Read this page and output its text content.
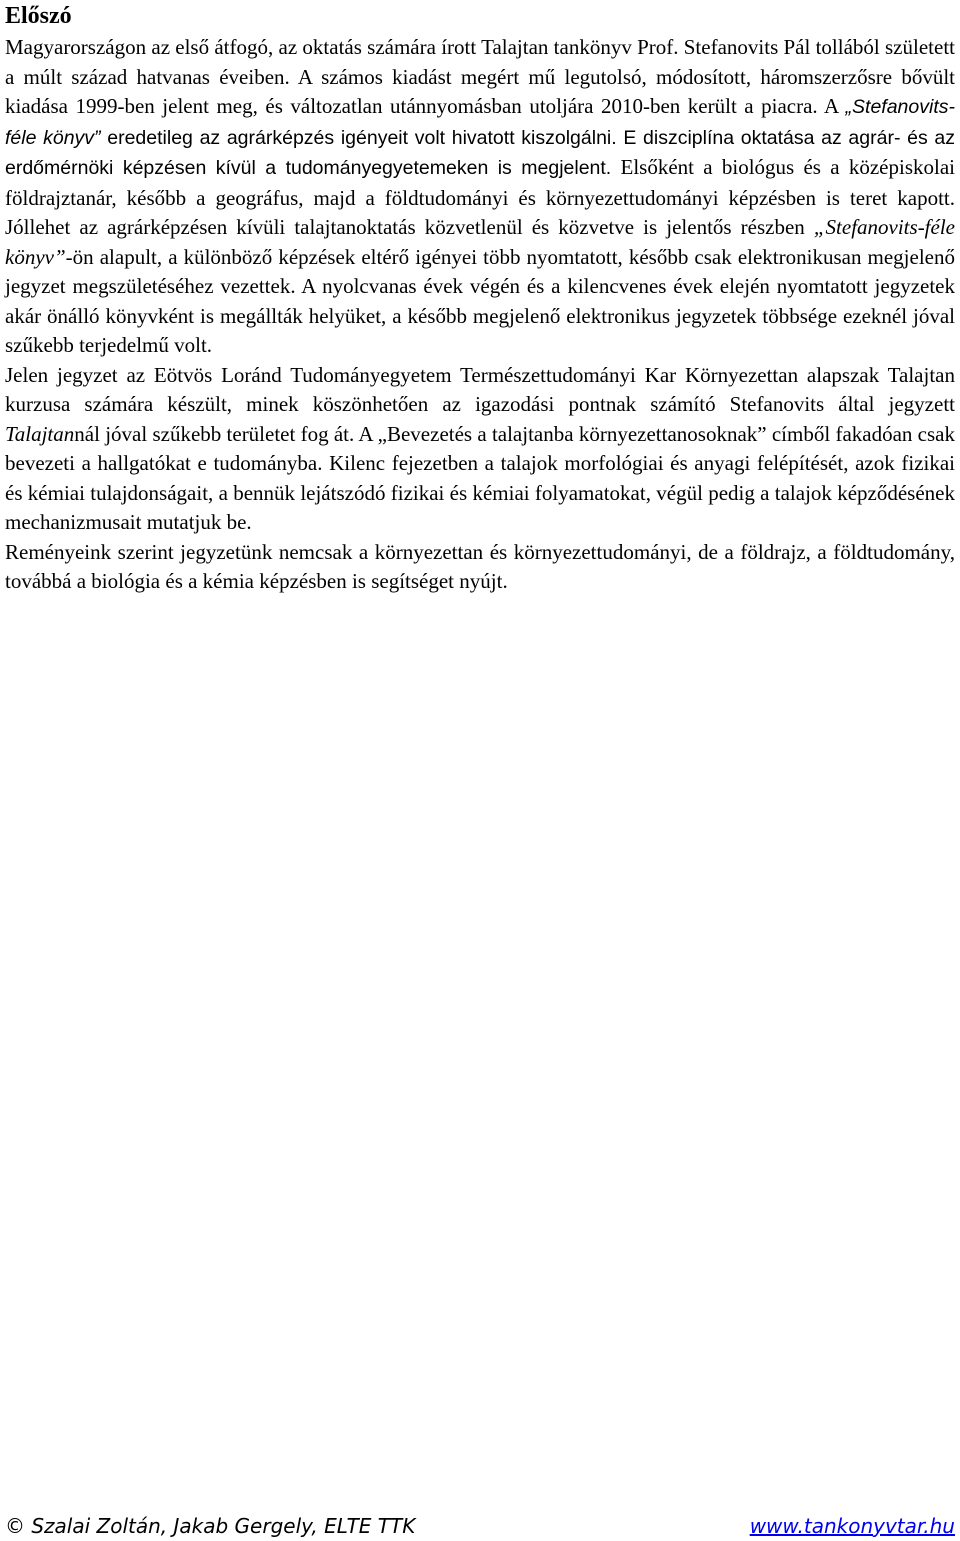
Előszó

Magyarországon az első átfogó, az oktatás számára írott Talajtan tankönyv Prof. Stefanovits Pál tollából született a múlt század hatvanas éveiben. A számos kiadást megért mű legutolsó, módosított, háromszerzősre bővült kiadása 1999-ben jelent meg, és változatlan utánnyomásban utoljára 2010-ben került a piacra. A „Stefanovits-féle könyv” eredetileg az agrárképzés igényeit volt hivatott kiszolgálni. E diszciplína oktatása az agrár- és az erdőmérnöki képzésen kívül a tudományegyetemeken is megjelent. Elsőként a biológus és a középiskolai földrajztanár, később a geográfus, majd a földtudományi és környezettudományi képzésben is teret kapott. Jóllehet az agrárképzésen kívüli talajtanoktatás közvetlenül és közvetve is jelentős részben „Stefanovits-féle könyv”-ön alapult, a különböző képzések eltérő igényei több nyomtatott, később csak elektronikusan megjelenő jegyzet megszületéséhez vezettek. A nyolcvanas évek végén és a kilencvenes évek elején nyomtatott jegyzetek akár önálló könyvként is megállták helyüket, a később megjelenő elektronikus jegyzetek többsége ezeknél jóval szűkebb terjedelmű volt.

Jelen jegyzet az Eötvös Loránd Tudományegyetem Természettudományi Kar Környezettan alapszak Talajtan kurzusa számára készült, minek köszönhetően az igazodási pontnak számító Stefanovits által jegyzett Talajtannál jóval szűkebb területet fog át. A „Bevezetés a talajtanba környezettanosoknak” címből fakadóan csak bevezeti a hallgatókat e tudományba. Kilenc fejezetben a talajok morfológiai és anyagi felépítését, azok fizikai és kémiai tulajdonságait, a bennük lejátszódó fizikai és kémiai folyamatokat, végül pedig a talajok képződésének mechanizmusait mutatjuk be.

Reményeink szerint jegyzetünk nemcsak a környezettan és környezettudományi, de a földrajz, a földtudomány, továbbá a biológia és a kémia képzésben is segítséget nyújt.

© Szalai Zoltán, Jakab Gergely, ELTE TTK	www.tankonyvtar.hu
